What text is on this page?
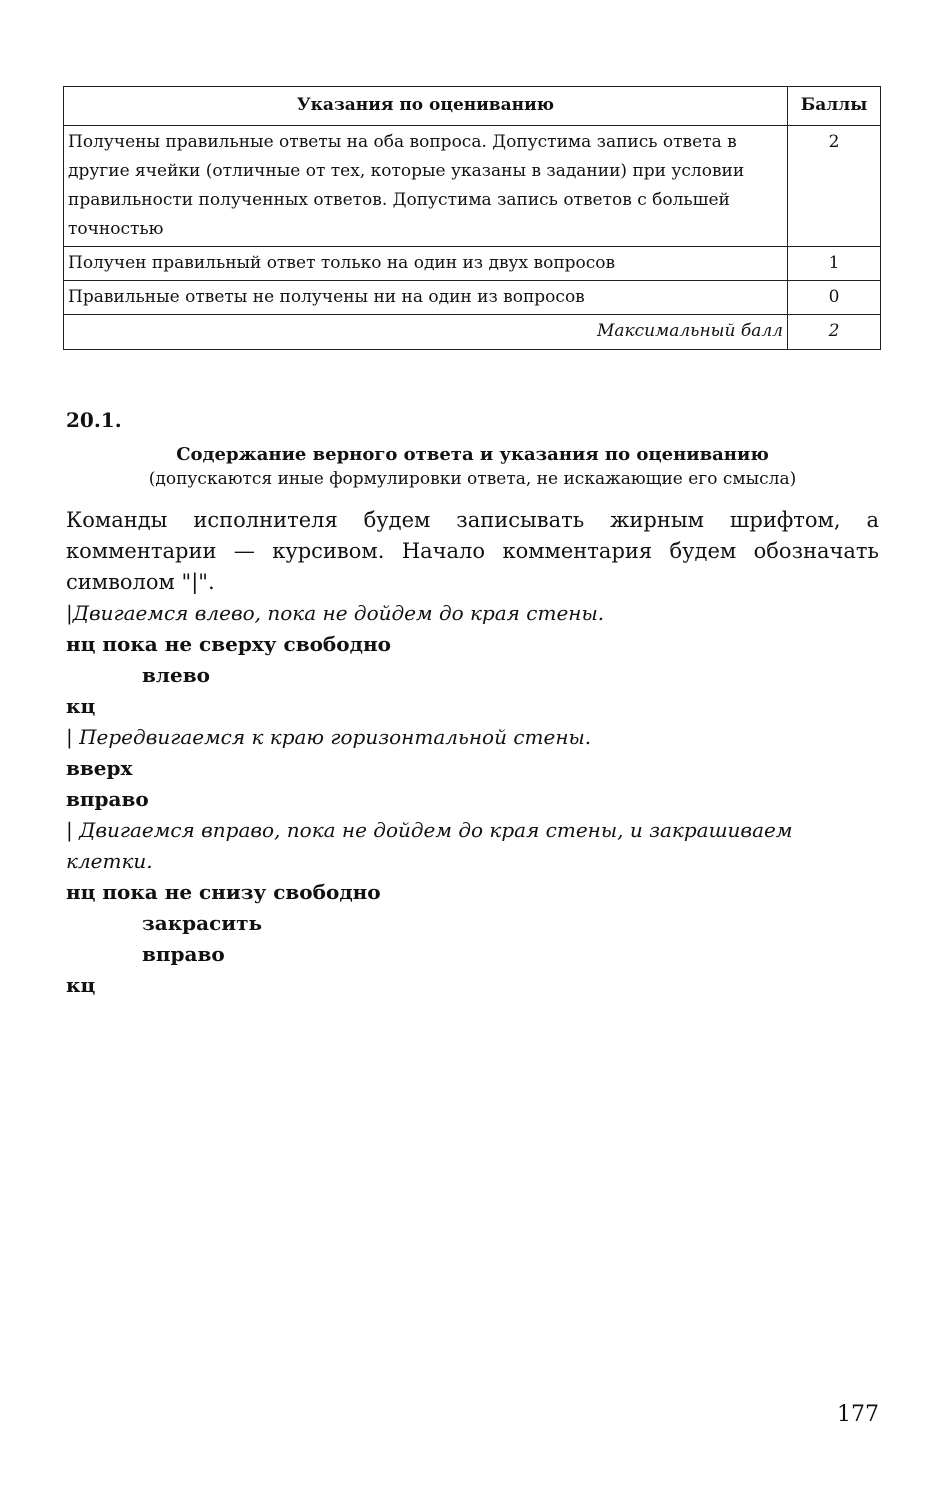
Указания по оцениванию	Баллы
Получены правильные ответы на оба вопроса. Допустима запись ответа в другие ячейки (отличные от тех, которые указаны в задании) при условии правильности полученных ответов. Допустима запись ответов с большей точностью	2
Получен правильный ответ только на один из двух вопросов	1
Правильные ответы не получены ни на один из вопросов	0
Максимальный балл	2
20.1.
Содержание верного ответа и указания по оцениванию
(допускаются иные формулировки ответа, не искажающие его смысла)

Команды исполнителя будем записывать жирным шрифтом, а комментарии — курсивом. Начало комментария будем обозначать символом "|".

|Двигаемся влево, пока не дойдем до края стены.
нц пока не сверху свободно
влево
кц
| Передвигаемся к краю горизонтальной стены.
вверх
вправо
| Двигаемся вправо, пока не дойдем до края стены, и закрашиваем клетки.
нц пока не снизу свободно
закрасить
вправо
кц
177
